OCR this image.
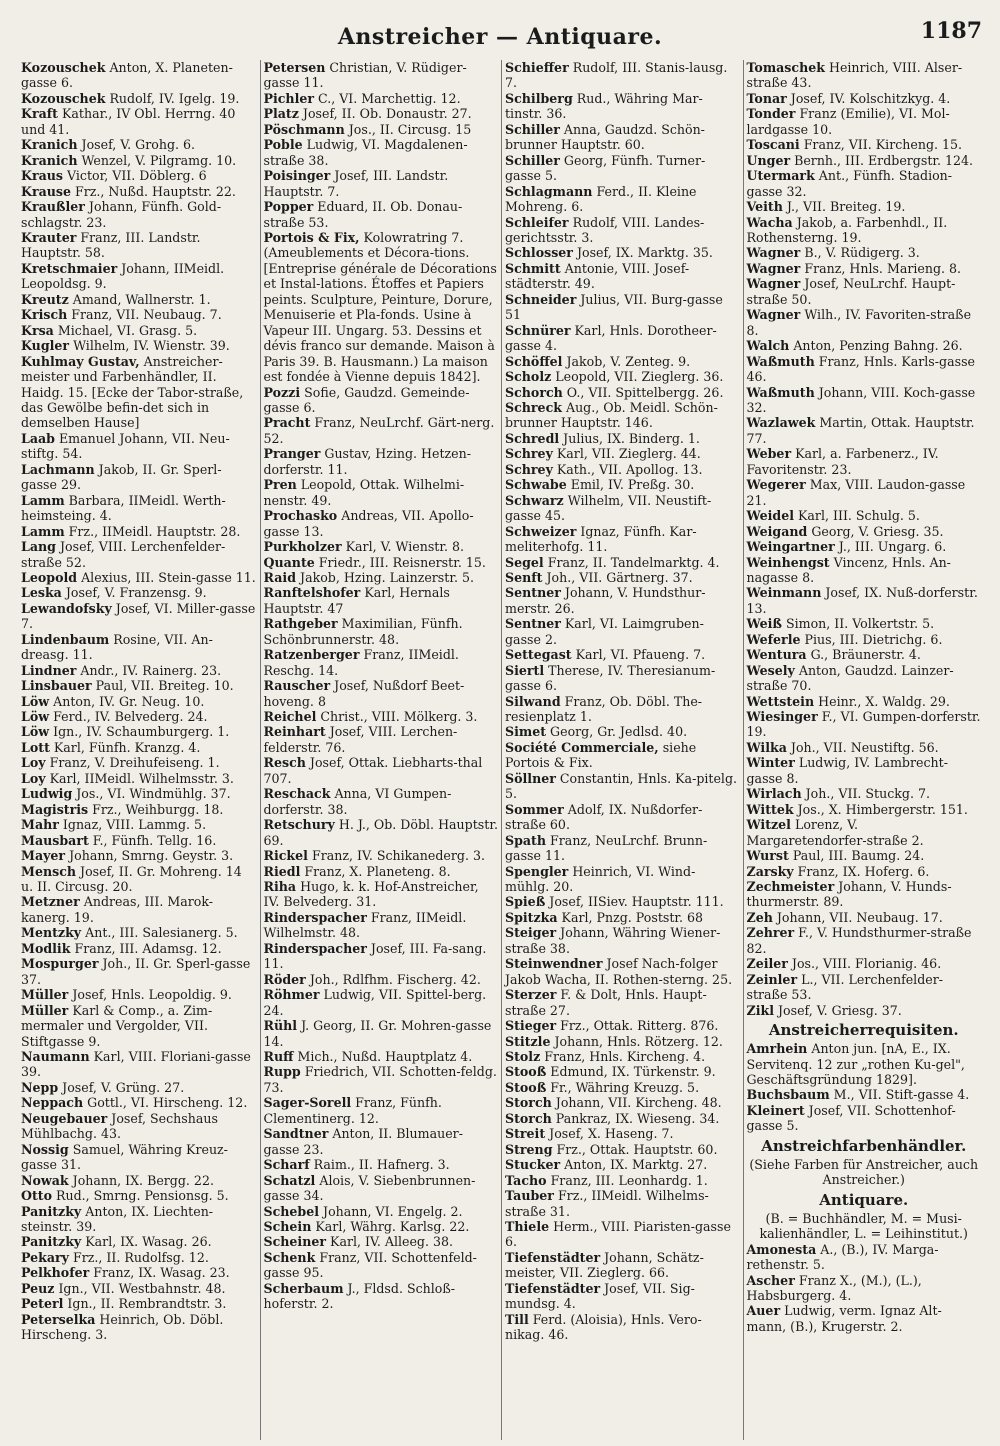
Anstreicher — Antiquare.	1187
Kozouschek Anton, X. Planeten-gasse 6.
Kozouschek Rudolf, IV. Igelg. 19.
Kraft Kathar., IV Obl. Herrng. 40 und 41.
Kranich Josef, V. Grohg. 6.
Kranich Wenzel, V. Pilgramg. 10.
Kraus Victor, VII. Döblerg. 6
Krause Frz., Nußd. Hauptstr. 22.
Kraußler Johann, Fünfh. Gold-schlagstr. 23.
Krauter Franz, III. Landstr. Hauptstr. 58.
Kretschmaier Johann, IIMeidl. Leopoldsg. 9.
Kreutz Amand, Wallnerstr. 1.
Krisch Franz, VII. Neubaug. 7.
Krsa Michael, VI. Grasg. 5.
Kugler Wilhelm, IV. Wienstr. 39.
Kuhlmay Gustav, Anstreicher-meister und Farbenhändler, II. Haidg. 15. [Ecke der Tabor-straße, das Gewölbe befin-det sich in demselben Hause]
Laab Emanuel Johann, VII. Neu-stiftg. 54.
Lachmann Jakob, II. Gr. Sperl-gasse 29.
Lamm Barbara, IIMeidl. Werth-heimsteing. 4.
Lamm Frz., IIMeidl. Hauptstr. 28.
Lang Josef, VIII. Lerchenfelder-straße 52.
Leopold Alexius, III. Stein-gasse 11.
Leska Josef, V. Franzensg. 9.
Lewandofsky Josef, VI. Miller-gasse 7.
Lindenbaum Rosine, VII. An-dreasg. 11.
Lindner Andr., IV. Rainerg. 23.
Linsbauer Paul, VII. Breiteg. 10.
Löw Anton, IV. Gr. Neug. 10.
Löw Ferd., IV. Belvederg. 24.
Löw Ign., IV. Schaumburgerg. 1.
Lott Karl, Fünfh. Kranzg. 4.
Loy Franz, V. Dreihufeiseng. 1.
Loy Karl, IIMeidl. Wilhelmsstr. 3.
Ludwig Jos., VI. Windmühlg. 37.
Magistris Frz., Weihburgg. 18.
Mahr Ignaz, VIII. Lammg. 5.
Mausbart F., Fünfh. Tellg. 16.
Mayer Johann, Smrng. Geystr. 3.
Mensch Josef, II. Gr. Mohreng. 14 u. II. Circusg. 20.
Metzner Andreas, III. Marok-kanerg. 19.
Mentzky Ant., III. Salesianerg. 5.
Modlik Franz, III. Adamsg. 12.
Mospurger Joh., II. Gr. Sperl-gasse 37.
Müller Josef, Hnls. Leopoldig. 9.
Müller Karl & Comp., a. Zim-mermaler und Vergolder, VII. Stiftgasse 9.
Naumann Karl, VIII. Floriani-gasse 39.
Nepp Josef, V. Grüng. 27.
Neppach Gottl., VI. Hirscheng. 12.
Neugebauer Josef, Sechshaus Mühlbachg. 43.
Nossig Samuel, Währing Kreuz-gasse 31.
Nowak Johann, IX. Bergg. 22.
Otto Rud., Smrng. Pensionsg. 5.
Panitzky Anton, IX. Liechten-steinstr. 39.
Panitzky Karl, IX. Wasag. 26.
Pekary Frz., II. Rudolfsg. 12.
Pelkhofer Franz, IX. Wasag. 23.
Peuz Ign., VII. Westbahnstr. 48.
Peterl Ign., II. Rembrandtstr. 3.
Peterselka Heinrich, Ob. Döbl. Hirscheng. 3.
Petersen Christian, V. Rüdiger-gasse 11.
Pichler C., VI. Marchettig. 12.
Platz Josef, II. Ob. Donaustr. 27.
Pöschmann Jos., II. Circusg. 15
Poble Ludwig, VI. Magdalenen-straße 38.
Poisinger Josef, III. Landstr. Hauptstr. 7.
Popper Eduard, II. Ob. Donau-straße 53.
Portois & Fix, Kolowratring 7. (Ameublements et Décora-tions. [Entreprise générale de Décorations et Instal-lations. Étoffes et Papiers peints. Sculpture, Peinture, Dorure, Menuiserie et Pla-fonds. Usine à Vapeur III. Ungarg. 53. Dessins et dévis franco sur demande. Maison à Paris 39. B. Hausmann.) La maison est fondée à Vienne depuis 1842].
Pozzi Sofie, Gaudzd. Gemeinde-gasse 6.
Pracht Franz, NeuLrchf. Gärt-nerg. 52.
Pranger Gustav, Hzing. Hetzen-dorferstr. 11.
Pren Leopold, Ottak. Wilhelmi-nenstr. 49.
Prochasko Andreas, VII. Apollo-gasse 13.
Purkholzer Karl, V. Wienstr. 8.
Quante Friedr., III. Reisnerstr. 15.
Raid Jakob, Hzing. Lainzerstr. 5.
Ranftelshofer Karl, Hernals Hauptstr. 47
Rathgeber Maximilian, Fünfh. Schönbrunnerstr. 48.
Ratzenberger Franz, IIMeidl. Reschg. 14.
Rauscher Josef, Nußdorf Beet-hoveng. 8
Reichel Christ., VIII. Mölkerg. 3.
Reinhart Josef, VIII. Lerchen-felderstr. 76.
Resch Josef, Ottak. Liebharts-thal 707.
Reschack Anna, VI Gumpen-dorferstr. 38.
Retschury H. J., Ob. Döbl. Hauptstr. 69.
Rickel Franz, IV. Schikanederg. 3.
Riedl Franz, X. Planeteng. 8.
Riha Hugo, k. k. Hof-Anstreicher, IV. Belvederg. 31.
Rinderspacher Franz, IIMeidl. Wilhelmstr. 48.
Rinderspacher Josef, III. Fa-sang. 11.
Röder Joh., Rdlfhm. Fischerg. 42.
Röhmer Ludwig, VII. Spittel-berg. 24.
Rühl J. Georg, II. Gr. Mohren-gasse 14.
Ruff Mich., Nußd. Hauptplatz 4.
Rupp Friedrich, VII. Schotten-feldg. 73.
Sager-Sorell Franz, Fünfh. Clementinerg. 12.
Sandtner Anton, II. Blumauer-gasse 23.
Scharf Raim., II. Hafnerg. 3.
Schatzl Alois, V. Siebenbrunnen-gasse 34.
Schebel Johann, VI. Engelg. 2.
Schein Karl, Währg. Karlsg. 22.
Scheiner Karl, IV. Alleeg. 38.
Schenk Franz, VII. Schottenfeld-gasse 95.
Scherbaum J., Fldsd. Schloß-hoferstr. 2.
Schieffer Rudolf, III. Stanis-lausg. 7.
Schilberg Rud., Währing Mar-tinstr. 36.
Schiller Anna, Gaudzd. Schön-brunner Hauptstr. 60.
Schiller Georg, Fünfh. Turner-gasse 5.
Schlagmann Ferd., II. Kleine Mohreng. 6.
Schleifer Rudolf, VIII. Landes-gerichtsstr. 3.
Schlosser Josef, IX. Marktg. 35.
Schmitt Antonie, VIII. Josef-städterstr. 49.
Schneider Julius, VII. Burg-gasse 51
Schnürer Karl, Hnls. Dorotheer-gasse 4.
Schöffel Jakob, V. Zenteg. 9.
Scholz Leopold, VII. Zieglerg. 36.
Schorch O., VII. Spittelbergg. 26.
Schreck Aug., Ob. Meidl. Schön-brunner Hauptstr. 146.
Schredl Julius, IX. Binderg. 1.
Schrey Karl, VII. Zieglerg. 44.
Schrey Kath., VII. Apollog. 13.
Schwabe Emil, IV. Preßg. 30.
Schwarz Wilhelm, VII. Neustift-gasse 45.
Schweizer Ignaz, Fünfh. Kar-meliterhofg. 11.
Segel Franz, II. Tandelmarktg. 4.
Senft Joh., VII. Gärtnerg. 37.
Sentner Johann, V. Hundsthur-merstr. 26.
Sentner Karl, VI. Laimgruben-gasse 2.
Settegast Karl, VI. Pfaueng. 7.
Siertl Therese, IV. Theresianum-gasse 6.
Silwand Franz, Ob. Döbl. The-resienplatz 1.
Simet Georg, Gr. Jedlsd. 40.
Société Commerciale, siehe Portois & Fix.
Söllner Constantin, Hnls. Ka-pitelg. 5.
Sommer Adolf, IX. Nußdorfer-straße 60.
Spath Franz, NeuLrchf. Brunn-gasse 11.
Spengler Heinrich, VI. Wind-mühlg. 20.
Spieß Josef, IISiev. Hauptstr. 111.
Spitzka Karl, Pnzg. Poststr. 68
Steiger Johann, Währing Wiener-straße 38.
Steinwendner Josef Nach-folger Jakob Wacha, II. Rothen-sterng. 25.
Sterzer F. & Dolt, Hnls. Haupt-straße 27.
Stieger Frz., Ottak. Ritterg. 876.
Stitzle Johann, Hnls. Rötzerg. 12.
Stolz Franz, Hnls. Kircheng. 4.
Stooß Edmund, IX. Türkenstr. 9.
Stooß Fr., Währing Kreuzg. 5.
Storch Johann, VII. Kircheng. 48.
Storch Pankraz, IX. Wieseng. 34.
Streit Josef, X. Haseng. 7.
Streng Frz., Ottak. Hauptstr. 60.
Stucker Anton, IX. Marktg. 27.
Tacho Franz, III. Leonhardg. 1.
Tauber Frz., IIMeidl. Wilhelms-straße 31.
Thiele Herm., VIII. Piaristen-gasse 6.
Tiefenstädter Johann, Schätz-meister, VII. Zieglerg. 66.
Tiefenstädter Josef, VII. Sig-mundsg. 4.
Till Ferd. (Aloisia), Hnls. Vero-nikag. 46.
Tomaschek Heinrich, VIII. Alser-straße 43.
Tonar Josef, IV. Kolschitzkyg. 4.
Tonder Franz (Emilie), VI. Mol-lardgasse 10.
Toscani Franz, VII. Kircheng. 15.
Unger Bernh., III. Erdbergstr. 124.
Utermark Ant., Fünfh. Stadion-gasse 32.
Veith J., VII. Breiteg. 19.
Wacha Jakob, a. Farbenhdl., II. Rothensterng. 19.
Wagner B., V. Rüdigerg. 3.
Wagner Franz, Hnls. Marieng. 8.
Wagner Josef, NeuLrchf. Haupt-straße 50.
Wagner Wilh., IV. Favoriten-straße 8.
Walch Anton, Penzing Bahng. 26.
Waßmuth Franz, Hnls. Karls-gasse 46.
Waßmuth Johann, VIII. Koch-gasse 32.
Wazlawek Martin, Ottak. Hauptstr. 77.
Weber Karl, a. Farbenerz., IV. Favoritenstr. 23.
Wegerer Max, VIII. Laudon-gasse 21.
Weidel Karl, III. Schulg. 5.
Weigand Georg, V. Griesg. 35.
Weingartner J., III. Ungarg. 6.
Weinhengst Vincenz, Hnls. An-nagasse 8.
Weinmann Josef, IX. Nuß-dorferstr. 13.
Weiß Simon, II. Volkertstr. 5.
Weferle Pius, III. Dietrichg. 6.
Wentura G., Bräunerstr. 4.
Wesely Anton, Gaudzd. Lainzer-straße 70.
Wettstein Heinr., X. Waldg. 29.
Wiesinger F., VI. Gumpen-dorferstr. 19.
Wilka Joh., VII. Neustiftg. 56.
Winter Ludwig, IV. Lambrecht-gasse 8.
Wirlach Joh., VII. Stuckg. 7.
Wittek Jos., X. Himbergerstr. 151.
Witzel Lorenz, V. Margaretendorfer-straße 2.
Wurst Paul, III. Baumg. 24.
Zarsky Franz, IX. Hoferg. 6.
Zechmeister Johann, V. Hunds-thurmerstr. 89.
Zeh Johann, VII. Neubaug. 17.
Zehrer F., V. Hundsthurmer-straße 82.
Zeiler Jos., VIII. Florianig. 46.
Zeinler L., VII. Lerchenfelder-straße 53.
Zikl Josef, V. Griesg. 37.
Anstreicherrequisiten.
Amrhein Anton jun. [nA, E., IX. Servitenq. 12 zur „rothen Ku-gel", Geschäftsgründung 1829].
Buchsbaum M., VII. Stift-gasse 4.
Kleinert Josef, VII. Schottenhof-gasse 5.
Anstreichfarbenhändler.
(Siehe Farben für Anstreicher, auch Anstreicher.)
Antiquare.
(B. = Buchhändler, M. = Musi-kalienhändler, L. = Leihinstitut.)
Amonesta A., (B.), IV. Marga-rethenstr. 5.
Ascher Franz X., (M.), (L.), Habsburgerg. 4.
Auer Ludwig, verm. Ignaz Alt-mann, (B.), Krugerstr. 2.
